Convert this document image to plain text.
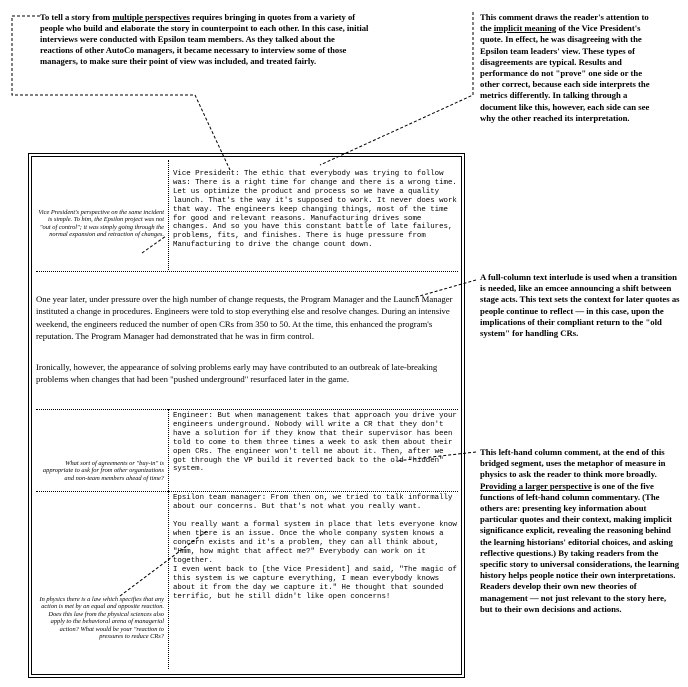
To tell a story from multiple perspectives requires bringing in quotes from a variety of people who build and elaborate the story in counterpoint to each other. In this case, initial interviews were conducted with Epsilon team members. As they talked about the reactions of other AutoCo managers, it became necessary to interview some of those managers, to make sure their point of view was included, and treated fairly.
This comment draws the reader's attention to the implicit meaning of the Vice President's quote. In effect, he was disagreeing with the Epsilon team leaders' view. These types of disagreements are typical. Results and performance do not "prove" one side or the other correct, because each side interprets the metrics differently. In talking through a document like this, however, each side can see why the other reached its interpretation.
A full-column text interlude is used when a transition is needed, like an emcee announcing a shift between stage acts. This text sets the context for later quotes as people continue to reflect — in this case, upon the implications of their compliant return to the "old system" for handling CRs.
This left-hand column comment, at the end of this bridged segment, uses the metaphor of measure in physics to ask the reader to think more broadly. Providing a larger perspective is one of the five functions of left-hand column commentary. (The others are: presenting key information about particular quotes and their context, making implicit significance explicit, revealing the reasoning behind the learning historians' editorial choices, and asking reflective questions.) By taking readers from the specific story to universal considerations, the learning history helps people notice their own interpretations. Readers develop their own new theories of management — not just relevant to the story here, but to their own decisions and actions.
Vice President's perspective on the same incident is simple. To him, the Epsilon project was not "out of control"; it was simply going through the normal expansion and retraction of changes.
Vice President: The ethic that everybody was trying to follow was: There is a right time for change and there is a wrong time. Let us optimize the product and process so we have a quality launch. That's the way it's supposed to work. It never does work that way. The engineers keep changing things, most of the time for good and relevant reasons. Manufacturing drives some changes. And so you have this constant battle of late failures, problems, fits, and finishes. There is huge pressure from Manufacturing to drive the change count down.
One year later, under pressure over the high number of change requests, the Program Manager and the Launch Manager instituted a change in procedures. Engineers were told to stop everything else and resolve changes. During an intensive weekend, the engineers reduced the number of open CRs from 350 to 50. At the time, this enhanced the program's reputation. The Program Manager had demonstrated that he was in firm control.
Ironically, however, the appearance of solving problems early may have contributed to an outbreak of late-breaking problems when changes that had been "pushed underground" resurfaced later in the game.
What sort of agreements or "buy-in" is appropriate to ask for from other organizations and non-team members ahead of time?
Engineer: But when management takes that approach you drive your engineers underground. Nobody will write a CR that they don't have a solution for if they know that their supervisor has been told to come to them three times a week to ask them about their open CRs. The engineer won't tell me about it. Then, after we got through the VP build it reverted back to the old "hidden" system.
In physics there is a law which specifies that any action is met by an equal and opposite reaction. Does this law from the physical sciences also apply to the behavioral arena of managerial action? What would be your "reaction to pressures to reduce CRs?
Epsilon team manager: From then on, we tried to talk informally about our concerns. But that's not what you really want.
You really want a formal system in place that lets everyone know when there is an issue. Once the whole company system knows a concern exists and it's a problem, they can all think about, "Hmm, how might that affect me?" Everybody can work on it together.
I even went back to [the Vice President] and said, "The magic of this system is we capture everything, I mean everybody knows about it from the day we capture it." He thought that sounded terrific, but he still didn't like open concerns!
